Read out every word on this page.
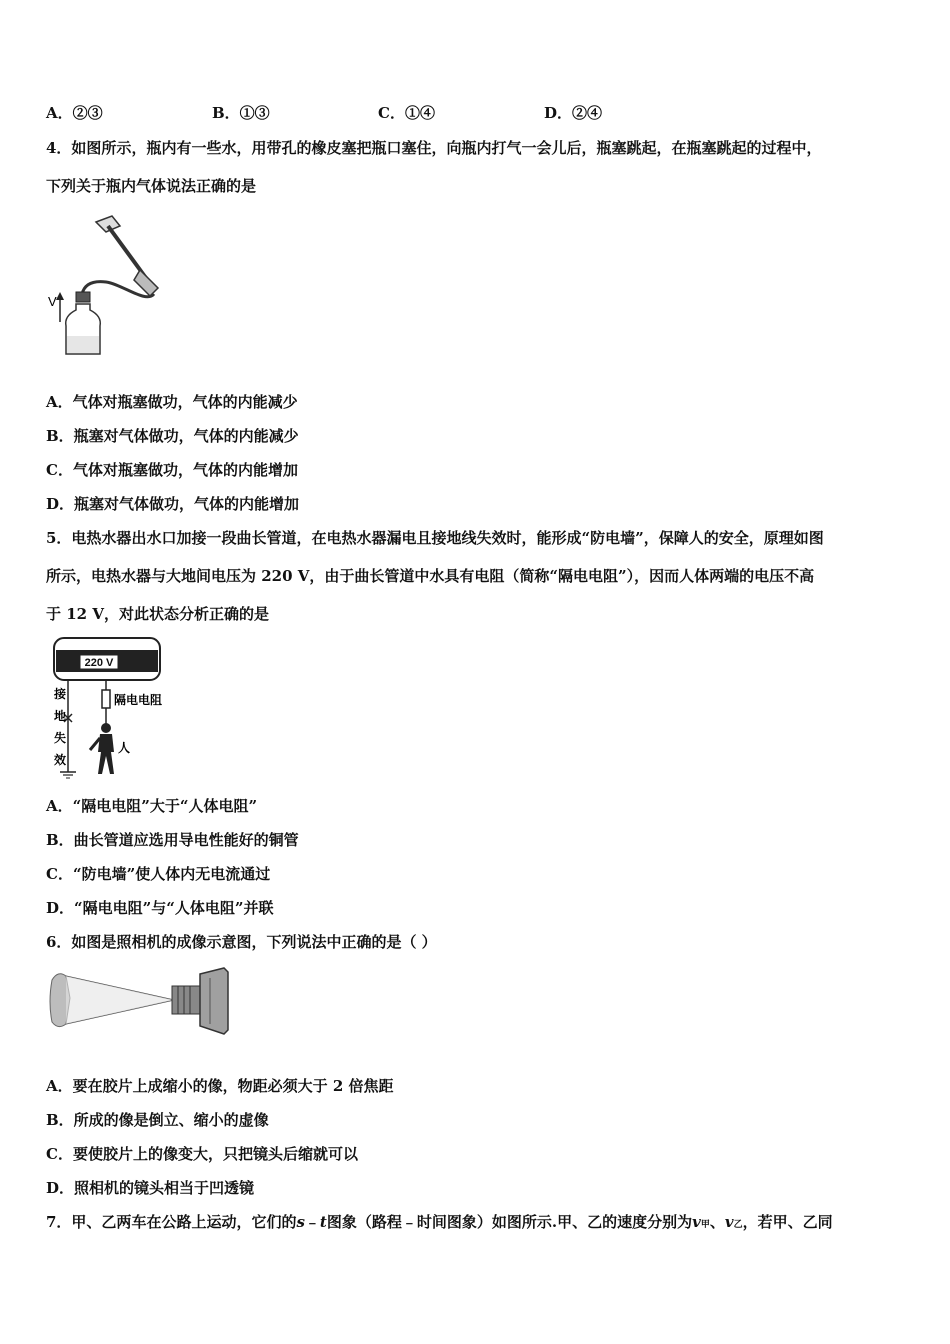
A．②③	B．①③	C．①④	D．②④
4．如图所示，瓶内有一些水，用带孔的橡皮塞把瓶口塞住，向瓶内打气一会儿后，瓶塞跳起，在瓶塞跳起的过程中，
下列关于瓶内气体说法正确的是
V
A．气体对瓶塞做功，气体的内能减少
B．瓶塞对气体做功，气体的内能减少
C．气体对瓶塞做功，气体的内能增加
D．瓶塞对气体做功，气体的内能增加
5．电热水器出水口加接一段曲长管道，在电热水器漏电且接地线失效时，能形成“防电墙”，保障人的安全，原理如图
所示，电热水器与大地间电压为 220 V，由于曲长管道中水具有电阻（简称“隔电电阻”），因而人体两端的电压不高
于 12 V，对此状态分析正确的是
220 V
接
地
失
效
隔电电阻
人
A．“隔电电阻”大于“人体电阻”
B．曲长管道应选用导电性能好的铜管
C．“防电墙”使人体内无电流通过
D．“隔电电阻”与“人体电阻”并联
6．如图是照相机的成像示意图，下列说法中正确的是（ ）
A．要在胶片上成缩小的像，物距必须大于 2 倍焦距
B．所成的像是倒立、缩小的虚像
C．要使胶片上的像变大，只把镜头后缩就可以
D．照相机的镜头相当于凹透镜
7．甲、乙两车在公路上运动，它们的s﹣t图象（路程﹣时间图象）如图所示.甲、乙的速度分别为v甲、v乙，若甲、乙同
